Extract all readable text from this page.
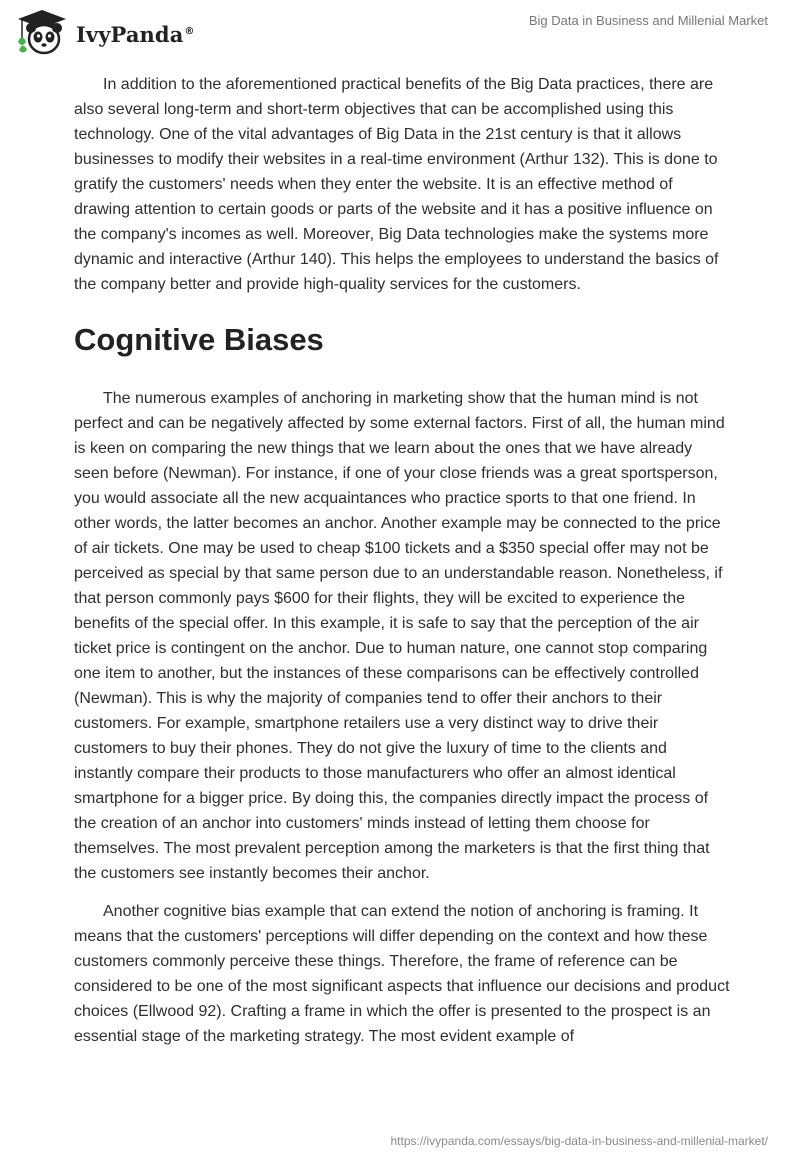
IvyPanda®
Big Data in Business and Millenial Market

In addition to the aforementioned practical benefits of the Big Data practices, there are also several long-term and short-term objectives that can be accomplished using this technology. One of the vital advantages of Big Data in the 21st century is that it allows businesses to modify their websites in a real-time environment (Arthur 132). This is done to gratify the customers' needs when they enter the website. It is an effective method of drawing attention to certain goods or parts of the website and it has a positive influence on the company's incomes as well. Moreover, Big Data technologies make the systems more dynamic and interactive (Arthur 140). This helps the employees to understand the basics of the company better and provide high-quality services for the customers.

Cognitive Biases

The numerous examples of anchoring in marketing show that the human mind is not perfect and can be negatively affected by some external factors. First of all, the human mind is keen on comparing the new things that we learn about the ones that we have already seen before (Newman). For instance, if one of your close friends was a great sportsperson, you would associate all the new acquaintances who practice sports to that one friend. In other words, the latter becomes an anchor. Another example may be connected to the price of air tickets. One may be used to cheap $100 tickets and a $350 special offer may not be perceived as special by that same person due to an understandable reason. Nonetheless, if that person commonly pays $600 for their flights, they will be excited to experience the benefits of the special offer. In this example, it is safe to say that the perception of the air ticket price is contingent on the anchor. Due to human nature, one cannot stop comparing one item to another, but the instances of these comparisons can be effectively controlled (Newman). This is why the majority of companies tend to offer their anchors to their customers. For example, smartphone retailers use a very distinct way to drive their customers to buy their phones. They do not give the luxury of time to the clients and instantly compare their products to those manufacturers who offer an almost identical smartphone for a bigger price. By doing this, the companies directly impact the process of the creation of an anchor into customers' minds instead of letting them choose for themselves. The most prevalent perception among the marketers is that the first thing that the customers see instantly becomes their anchor.

Another cognitive bias example that can extend the notion of anchoring is framing. It means that the customers' perceptions will differ depending on the context and how these customers commonly perceive these things. Therefore, the frame of reference can be considered to be one of the most significant aspects that influence our decisions and product choices (Ellwood 92). Crafting a frame in which the offer is presented to the prospect is an essential stage of the marketing strategy. The most evident example of

https://ivypanda.com/essays/big-data-in-business-and-millenial-market/
